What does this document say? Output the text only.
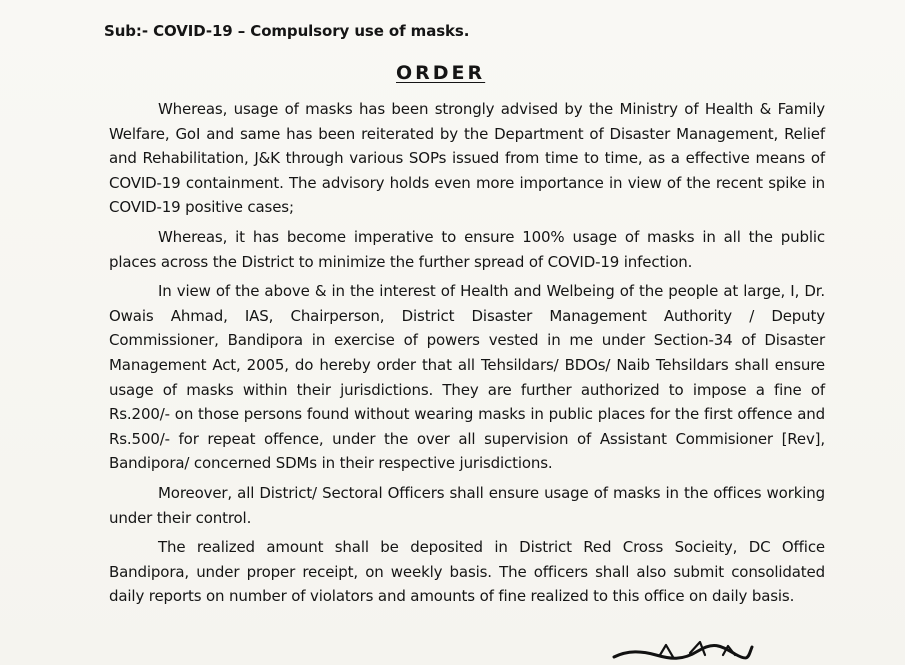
Sub:- COVID-19 – Compulsory use of masks.
ORDER

Whereas, usage of masks has been strongly advised by the Ministry of Health & Family Welfare, GoI and same has been reiterated by the Department of Disaster Management, Relief and Rehabilitation, J&K through various SOPs issued from time to time, as a effective means of COVID-19 containment. The advisory holds even more importance in view of the recent spike in COVID-19 positive cases;

Whereas, it has become imperative to ensure 100% usage of masks in all the public places across the District to minimize the further spread of COVID-19 infection.

In view of the above & in the interest of Health and Welbeing of the people at large, I, Dr. Owais Ahmad, IAS, Chairperson, District Disaster Management Authority / Deputy Commissioner, Bandipora in exercise of powers vested in me under Section-34 of Disaster Management Act, 2005, do hereby order that all Tehsildars/ BDOs/ Naib Tehsildars shall ensure usage of masks within their jurisdictions. They are further authorized to impose a fine of Rs.200/- on those persons found without wearing masks in public places for the first offence and Rs.500/- for repeat offence, under the over all supervision of Assistant Commisioner [Rev], Bandipora/ concerned SDMs in their respective jurisdictions.

Moreover, all District/ Sectoral Officers shall ensure usage of masks in the offices working under their control.

The realized amount shall be deposited in District Red Cross Socieity, DC Office Bandipora, under proper receipt, on weekly basis. The officers shall also submit consolidated daily reports on number of violators and amounts of fine realized to this office on daily basis.
